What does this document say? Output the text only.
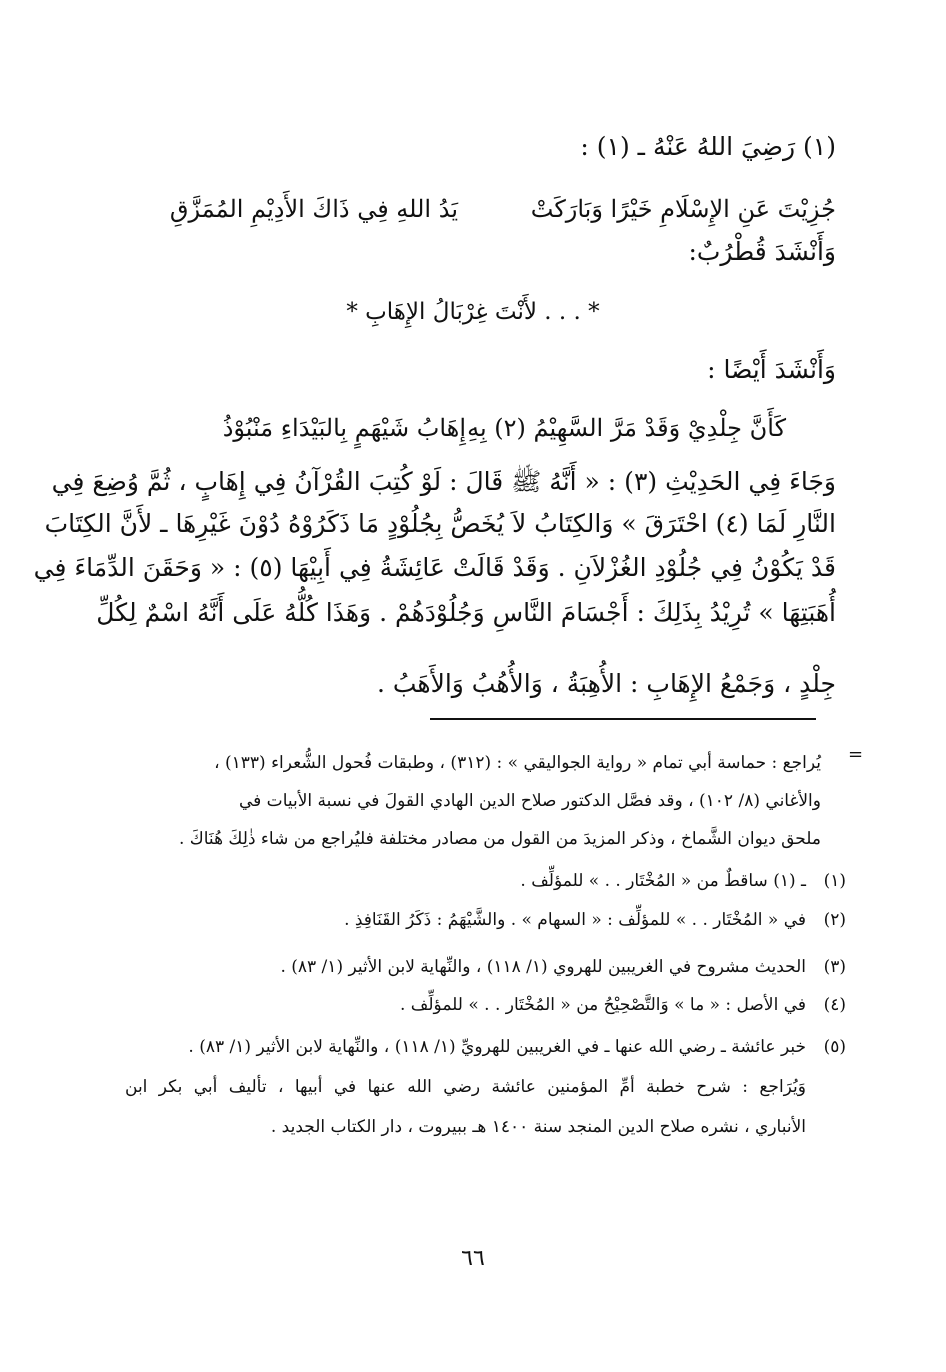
(١) رَضِيَ اللهُ عَنْهُ ـ (١) :
جُزِيْتَ عَنِ الإِسْلَامِ خَيْرًا وَبَارَكَتْ
يَدُ اللهِ فِي ذَاكَ الأَدِيْمِ المُمَزَّقِ
وَأَنْشَدَ قُطْرُبٌ:
* . . . لأَنْتَ غِرْبَالُ الإِهَابِ *
وَأَنْشَدَ أَيْضًا :
كَأَنَّ جِلْدِيْ وَقَدْ مَرَّ السَّهِيْمُ (٢) بِهِ
إِهَابُ شَيْهَمٍ بِالبَيْدَاءِ مَنْبُوْذُ
وَجَاءَ فِي الحَدِيْثِ (٣) : « أَنَّهُ ﷺ قَالَ : لَوْ كُتِبَ القُرْآنُ فِي إِهَابٍ ، ثُمَّ وُضِعَ فِي
النَّارِ لَمَا (٤) احْتَرَقَ » وَالكِتَابُ لاَ يُخَصُّ بِجُلُوْدٍ مَا ذَكَرُوْهُ دُوْنَ غَيْرِهَا ـ لأَنَّ الكِتَابَ
قَدْ يَكُوْنُ فِي جُلُوْدِ الغُزْلاَنِ . وَقَدْ قَالَتْ عَائِشَةُ فِي أَبِيْهَا (٥) : « وَحَقَنَ الدِّمَاءَ فِي
أُهَبَتِهَا » تُرِيْدُ بِذَلِكَ : أَجْسَامَ النَّاسِ وَجُلُوْدَهُمْ . وَهَذَا كُلُّهُ عَلَى أَنَّهُ اسْمٌ لِكُلِّ
جِلْدٍ ، وَجَمْعُ الإِهَابِ : الأُهِبَةُ ، وَالأُهُبُ وَالأَهَبُ .
=
يُراجع : حماسة أبي تمام « رواية الجواليقي » : (٣١٢) ، وطبقات فُحول الشُّعراء (١٣٣) ،
والأغاني (٨/ ١٠٢) ، وقد فصَّل الدكتور صلاح الدين الهادي القولَ في نسبة الأبيات في
ملحق ديوان الشَّماخ ، وذكر المزيدَ من القول من مصادر مختلفة فليُراجع من شاء ذٰلِكَ هُنَاكَ .
(١)
ـ (١) ساقطٌ من « المُخْتَار . . » للمؤلِّف .
(٢)
في « المُخْتَار . . » للمؤلِّف : « السهام » . والشَّيْهَمُ : ذَكَرُ القَنَافِذِ .
(٣)
الحديث مشروح في الغريبين للهروي (١/ ١١٨) ، والنِّهاية لابن الأثير (١/ ٨٣) .
(٤)
في الأصل : « ما » وَالتَّصْحِيْحُ من « المُخْتَار . . » للمؤلِّف .
(٥)
خبر عائشة ـ رضي الله عنها ـ في الغريبين للهرويِّ (١/ ١١٨) ، والنِّهاية لابن الأثير (١/ ٨٣) .
وَيُرَاجع : شرح خطبة أمِّ المؤمنين عائشة رضي الله عنها في أبيها ، تأليف أبي بكر ابن
الأنباري ، نشره صلاح الدين المنجد سنة ١٤٠٠ هـ ببيروت ، دار الكتاب الجديد .
٦٦
